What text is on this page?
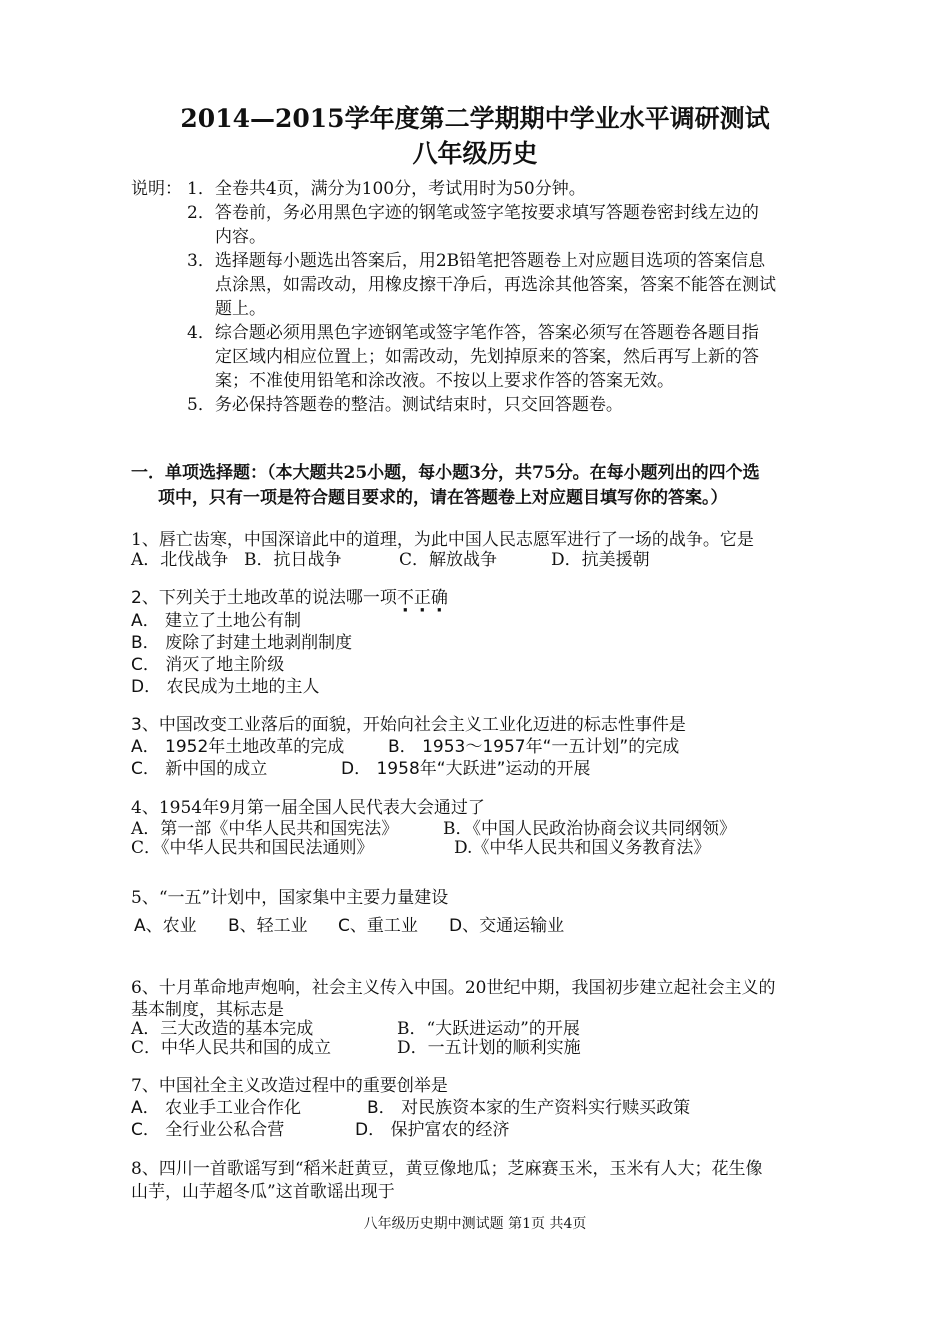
2014—2015学年度第二学期期中学业水平调研测试
八年级历史
说明： 1．全卷共4页，满分为100分，考试用时为50分钟。
2．答卷前，务必用黑色字迹的钢笔或签字笔按要求填写答题卷密封线左边的
内容。
3．选择题每小题选出答案后，用2B铅笔把答题卷上对应题目选项的答案信息
点涂黑，如需改动，用橡皮擦干净后，再选涂其他答案，答案不能答在测试
题上。
4．综合题必须用黑色字迹钢笔或签字笔作答，答案必须写在答题卷各题目指
定区域内相应位置上；如需改动，先划掉原来的答案，然后再写上新的答
案；不准使用铅笔和涂改液。不按以上要求作答的答案无效。
5．务必保持答题卷的整洁。测试结束时，只交回答题卷。
一．单项选择题：（本大题共25小题，每小题3分，共75分。在每小题列出的四个选
项中，只有一项是符合题目要求的，请在答题卷上对应题目填写你的答案。）
1、唇亡齿寒，中国深谙此中的道理，为此中国人民志愿军进行了一场的战争。它是
A．北伐战争 B．抗日战争	C．解放战争	D．抗美援朝
2、下列关于土地改革的说法哪一项不正确
A． 建立了土地公有制
B． 废除了封建土地剥削制度
C． 消灭了地主阶级
D． 农民成为土地的主人
3、中国改变工业落后的面貌，开始向社会主义工业化迈进的标志性事件是
A． 1952年土地改革的完成	B． 1953～1957年“一五计划”的完成
C． 新中国的成立	D． 1958年“大跃进”运动的开展
4、1954年9月第一届全国人民代表大会通过了
A．第一部《中华人民共和国宪法》	B．《中国人民政治协商会议共同纲领》
C．《中华人民共和国民法通则》	D.《中华人民共和国义务教育法》
5、“一五”计划中，国家集中主要力量建设
A、农业 B、轻工业 C、重工业 D、交通运输业
6、十月革命地声炮响，社会主义传入中国。20世纪中期，我国初步建立起社会主义的
基本制度，其标志是
A．三大改造的基本完成	B．“大跃进运动”的开展
C．中华人民共和国的成立	D．一五计划的顺利实施
7、中国社全主义改造过程中的重要创举是
A． 农业手工业合作化	B． 对民族资本家的生产资料实行赎买政策
C． 全行业公私合营	D． 保护富农的经济
8、四川一首歌谣写到“稻米赶黄豆，黄豆像地瓜；芝麻赛玉米，玉米有人大；花生像
山芋，山芋超冬瓜”这首歌谣出现于
八年级历史期中测试题 第1页 共4页
